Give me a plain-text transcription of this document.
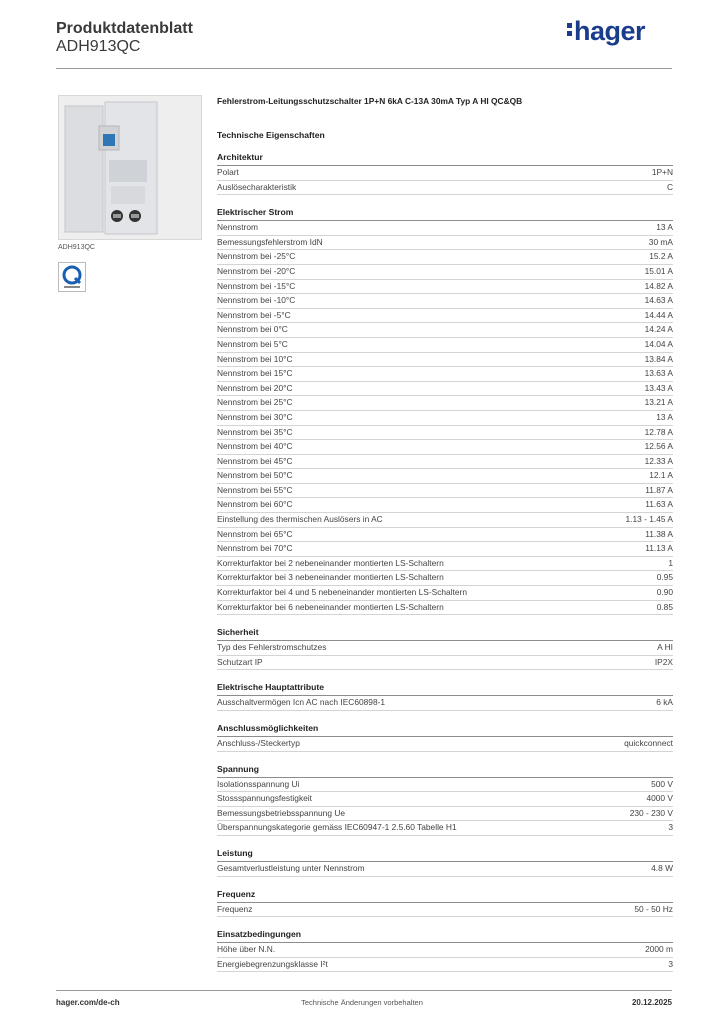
Produktdatenblatt
ADH913QC
hager
ADH913QC
Fehlerstrom-Leitungsschutzschalter 1P+N 6kA C-13A 30mA Typ A HI QC&QB
Technische Eigenschaften
Architektur
Polart	1P+N
Auslösecharakteristik	C
Elektrischer Strom
Nennstrom	13 A
Bemessungsfehlerstrom IdN	30 mA
Nennstrom bei -25°C	15.2 A
Nennstrom bei -20°C	15.01 A
Nennstrom bei -15°C	14.82 A
Nennstrom bei -10°C	14.63 A
Nennstrom bei -5°C	14.44 A
Nennstrom bei 0°C	14.24 A
Nennstrom bei 5°C	14.04 A
Nennstrom bei 10°C	13.84 A
Nennstrom bei 15°C	13.63 A
Nennstrom bei 20°C	13.43 A
Nennstrom bei 25°C	13.21 A
Nennstrom bei 30°C	13 A
Nennstrom bei 35°C	12.78 A
Nennstrom bei 40°C	12.56 A
Nennstrom bei 45°C	12.33 A
Nennstrom bei 50°C	12.1 A
Nennstrom bei 55°C	11.87 A
Nennstrom bei 60°C	11.63 A
Einstellung des thermischen Auslösers in AC	1.13 - 1.45 A
Nennstrom bei 65°C	11.38 A
Nennstrom bei 70°C	11.13 A
Korrekturfaktor bei 2 nebeneinander montierten LS-Schaltern	1
Korrekturfaktor bei 3 nebeneinander montierten LS-Schaltern	0.95
Korrekturfaktor bei 4 und 5 nebeneinander montierten LS-Schaltern	0.90
Korrekturfaktor bei 6 nebeneinander montierten LS-Schaltern	0.85
Sicherheit
Typ des Fehlerstromschutzes	A HI
Schutzart IP	IP2X
Elektrische Hauptattribute
Ausschaltvermögen Icn AC nach IEC60898-1	6 kA
Anschlussmöglichkeiten
Anschluss-/Steckertyp	quickconnect
Spannung
Isolationsspannung Ui	500 V
Stossspannungsfestigkeit	4000 V
Bemessungsbetriebsspannung Ue	230 - 230 V
Überspannungskategorie gemäss IEC60947-1 2.5.60 Tabelle H1	3
Leistung
Gesamtverlustleistung unter Nennstrom	4.8 W
Frequenz
Frequenz	50 - 50 Hz
Einsatzbedingungen
Höhe über N.N.	2000 m
Energiebegrenzungsklasse I²t	3
hager.com/de-ch	Technische Änderungen vorbehalten	20.12.2025
